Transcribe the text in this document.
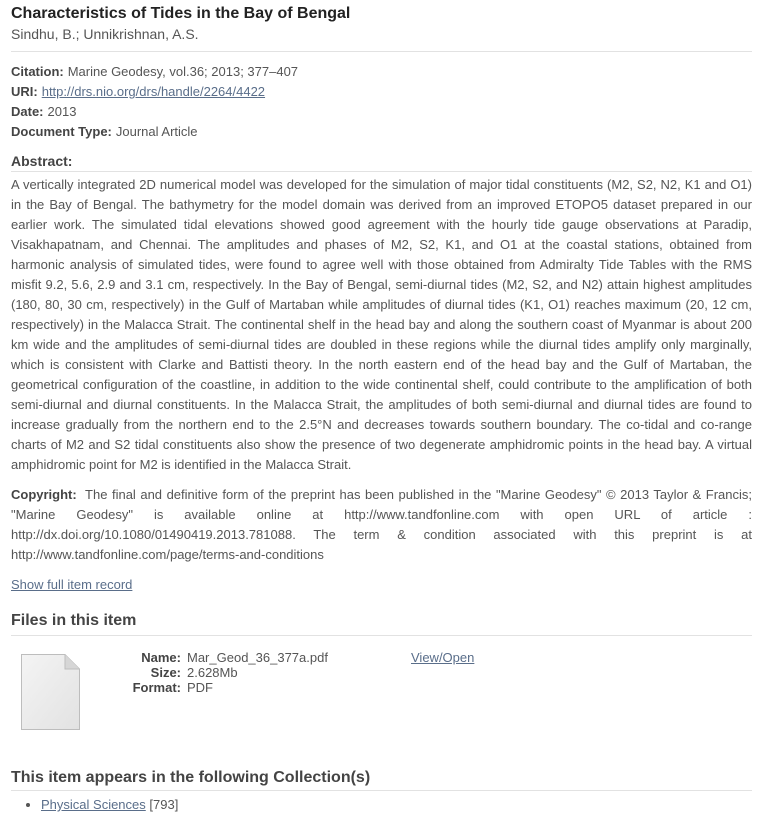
Characteristics of Tides in the Bay of Bengal
Sindhu, B.; Unnikrishnan, A.S.
Citation: Marine Geodesy, vol.36; 2013; 377–407
URI: http://drs.nio.org/drs/handle/2264/4422
Date: 2013
Document Type: Journal Article
Abstract:
A vertically integrated 2D numerical model was developed for the simulation of major tidal constituents (M2, S2, N2, K1 and O1) in the Bay of Bengal. The bathymetry for the model domain was derived from an improved ETOPO5 dataset prepared in our earlier work. The simulated tidal elevations showed good agreement with the hourly tide gauge observations at Paradip, Visakhapatnam, and Chennai. The amplitudes and phases of M2, S2, K1, and O1 at the coastal stations, obtained from harmonic analysis of simulated tides, were found to agree well with those obtained from Admiralty Tide Tables with the RMS misfit 9.2, 5.6, 2.9 and 3.1 cm, respectively. In the Bay of Bengal, semi-diurnal tides (M2, S2, and N2) attain highest amplitudes (180, 80, 30 cm, respectively) in the Gulf of Martaban while amplitudes of diurnal tides (K1, O1) reaches maximum (20, 12 cm, respectively) in the Malacca Strait. The continental shelf in the head bay and along the southern coast of Myanmar is about 200 km wide and the amplitudes of semi-diurnal tides are doubled in these regions while the diurnal tides amplify only marginally, which is consistent with Clarke and Battisti theory. In the north eastern end of the head bay and the Gulf of Martaban, the geometrical configuration of the coastline, in addition to the wide continental shelf, could contribute to the amplification of both semi-diurnal and diurnal constituents. In the Malacca Strait, the amplitudes of both semi-diurnal and diurnal tides are found to increase gradually from the northern end to the 2.5°N and decreases towards southern boundary. The co-tidal and co-range charts of M2 and S2 tidal constituents also show the presence of two degenerate amphidromic points in the head bay. A virtual amphidromic point for M2 is identified in the Malacca Strait.
Copyright: The final and definitive form of the preprint has been published in the "Marine Geodesy" © 2013 Taylor & Francis; "Marine Geodesy" is available online at http://www.tandfonline.com with open URL of article : http://dx.doi.org/10.1080/01490419.2013.781088. The term & condition associated with this preprint is at http://www.tandfonline.com/page/terms-and-conditions
Show full item record
Files in this item
Name: Mar_Geod_36_377a.pdf
Size: 2.628Mb
Format: PDF
View/Open
This item appears in the following Collection(s)
• Physical Sciences [793]
